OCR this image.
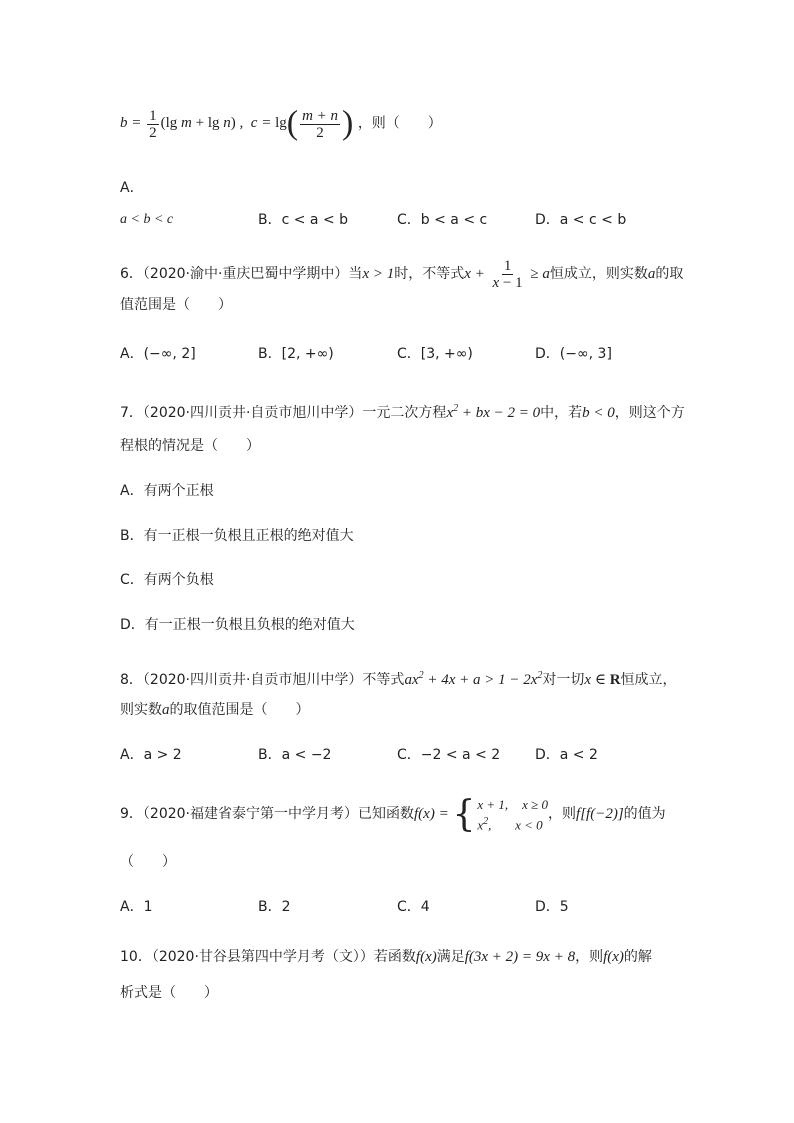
$b = \frac{1}{2} (\lg$ m + lg n) ,  $c = \lg( \frac{m + n}{2}$ ) ，则（　　）
A．
a < b < c	B．c < a < b	C．b < a < c	D．a < c < b
6．（2020·渝中·重庆巴蜀中学期中）当x > 1时，不等式$x + \frac{1}{x - 1} \ge a$恒成立，则实数a的取
值范围是（　　）
A．(−∞, 2]	B．[2, +∞)	C．[3, +∞)	D．(−∞, 3]
7．（2020·四川贡井·自贡市旭川中学）一元二次方程$x^2$ + bx − 2 = 0中，若b < 0，则这个方
程根的情况是（　　）
A．有两个正根
B．有一正根一负根且正根的绝对值大
C．有两个负根
D．有一正根一负根且负根的绝对值大
8．（2020·四川贡井·自贡市旭川中学）不等式$ax^2 + 4x + a > 1 - 2x^2$对一切x ∈ R恒成立，
则实数a的取值范围是（　　）
A．a > 2	B．a < −2	C．−2 < a < 2 D．a < 2
9．（2020·福建省泰宁第一中学月考）已知函数f(x) = { x + 1, x ≥ 0
$x^2$,   x < 0
，则f[f(−2)]的值为
（　　）
A．1	B．2	C．4	D．5
10．（2020·甘谷县第四中学月考（文））若函数f(x)满足f(3x + 2) = 9x + 8，则f(x)的解
析式是（　　）
